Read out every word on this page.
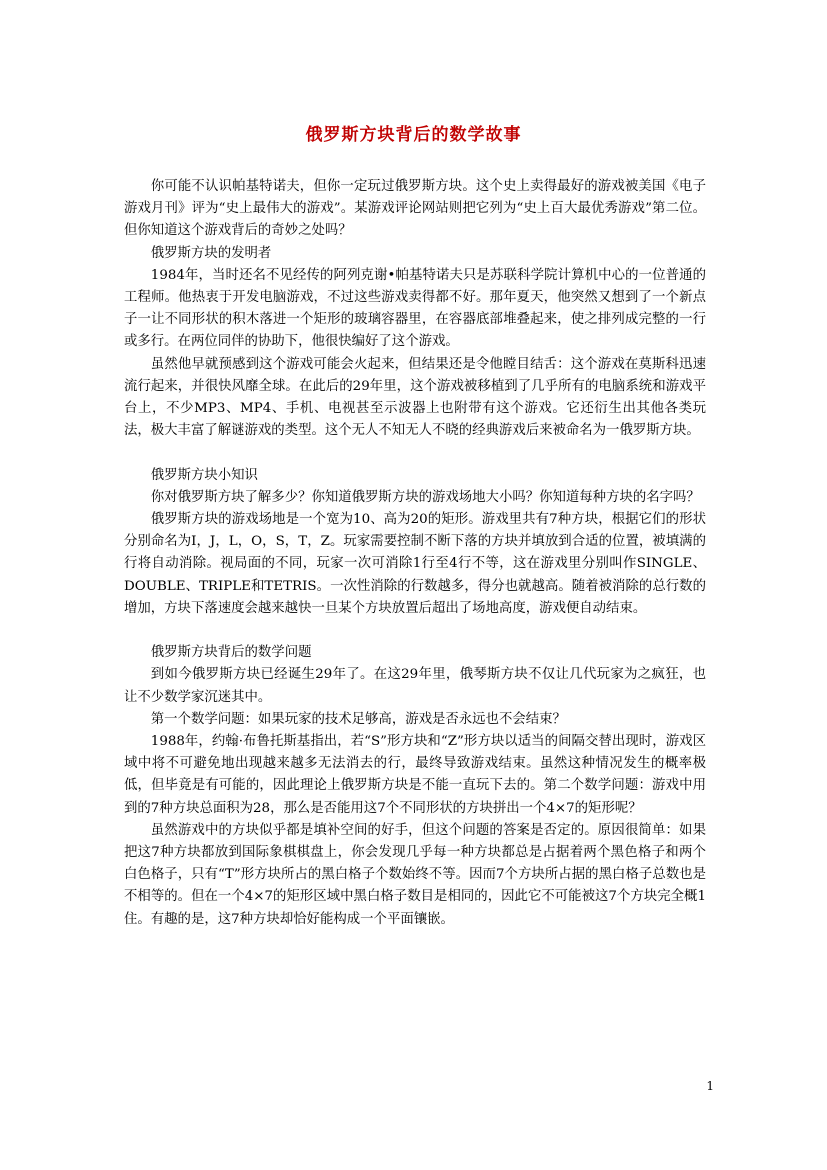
俄罗斯方块背后的数学故事

你可能不认识帕基特诺夫，但你一定玩过俄罗斯方块。这个史上卖得最好的游戏被美国《电子游戏月刊》评为“史上最伟大的游戏”。某游戏评论网站则把它列为“史上百大最优秀游戏”第二位。但你知道这个游戏背后的奇妙之处吗？

俄罗斯方块的发明者

1984年，当时还名不见经传的阿列克谢•帕基特诺夫只是苏联科学院计算机中心的一位普通的工程师。他热衷于开发电脑游戏，不过这些游戏卖得都不好。那年夏天，他突然又想到了一个新点子一让不同形状的积木落进一个矩形的玻璃容器里，在容器底部堆叠起来，使之排列成完整的一行或多行。在两位同伴的协助下，他很快编好了这个游戏。

虽然他早就预感到这个游戏可能会火起来，但结果还是令他瞠目结舌：这个游戏在莫斯科迅速流行起来，并很快风靡全球。在此后的29年里，这个游戏被移植到了几乎所有的电脑系统和游戏平台上，不少MP3、MP4、手机、电视甚至示波器上也附带有这个游戏。它还衍生出其他各类玩法，极大丰富了解谜游戏的类型。这个无人不知无人不晓的经典游戏后来被命名为一俄罗斯方块。

俄罗斯方块小知识

你对俄罗斯方块了解多少？你知道俄罗斯方块的游戏场地大小吗？你知道每种方块的名字吗？

俄罗斯方块的游戏场地是一个宽为10、高为20的矩形。游戏里共有7种方块，根据它们的形状分别命名为I，J，L，O，S，T，Z。玩家需要控制不断下落的方块并填放到合适的位置，被填满的行将自动消除。视局面的不同，玩家一次可消除1行至4行不等，这在游戏里分别叫作SINGLE、DOUBLE、TRIPLE和TETRIS。一次性消除的行数越多，得分也就越高。随着被消除的总行数的增加，方块下落速度会越来越快一旦某个方块放置后超出了场地高度，游戏便自动结束。

俄罗斯方块背后的数学问题

到如今俄罗斯方块已经诞生29年了。在这29年里，俄琴斯方块不仅让几代玩家为之疯狂，也让不少数学家沉迷其中。

第一个数学问题：如果玩家的技术足够高，游戏是否永远也不会结束？

1988年，约翰·布鲁托斯基指出，若“S”形方块和“Z”形方块以适当的间隔交替出现时，游戏区域中将不可避免地出现越来越多无法消去的行，最终导致游戏结束。虽然这种情况发生的概率极低，但毕竟是有可能的，因此理论上俄罗斯方块是不能一直玩下去的。第二个数学问题：游戏中用到的7种方块总面积为28，那么是否能用这7个不同形状的方块拼出一个4×7的矩形呢？

虽然游戏中的方块似乎都是填补空间的好手，但这个问题的答案是否定的。原因很简单：如果把这7种方块都放到国际象棋棋盘上，你会发现几乎每一种方块都总是占据着两个黑色格子和两个白色格子，只有“T”形方块所占的黑白格子个数始终不等。因而7个方块所占据的黑白格子总数也是不相等的。但在一个4×7的矩形区域中黑白格子数目是相同的，因此它不可能被这7个方块完全概1住。有趣的是，这7种方块却恰好能构成一个平面镶嵌。

1
